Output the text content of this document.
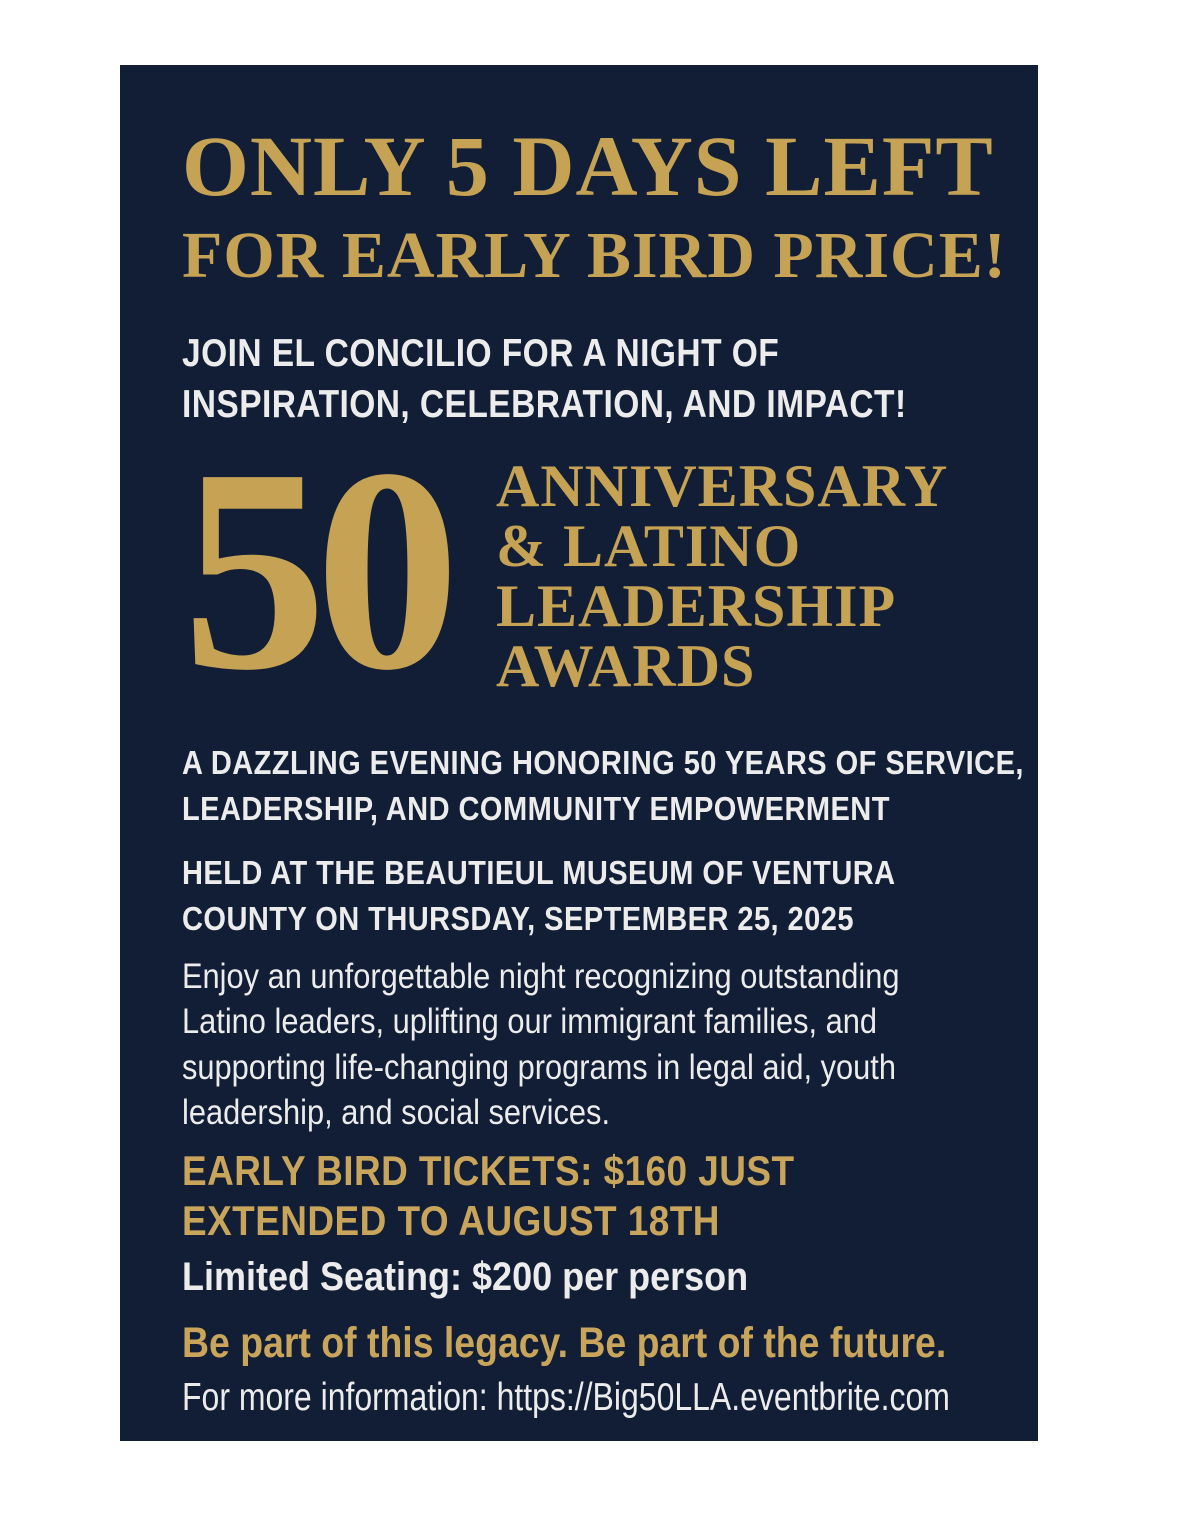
ONLY 5 DAYS LEFT
FOR EARLY BIRD PRICE!
JOIN EL CONCILIO FOR A NIGHT OF
INSPIRATION, CELEBRATION, AND IMPACT!
50 ANNIVERSARY
& LATINO
LEADERSHIP
AWARDS
A DAZZLING EVENING HONORING 50 YEARS OF SERVICE,
LEADERSHIP, AND COMMUNITY EMPOWERMENT
HELD AT THE BEAUTIEUL MUSEUM OF VENTURA
COUNTY ON THURSDAY, SEPTEMBER 25, 2025
Enjoy an unforgettable night recognizing outstanding
Latino leaders, uplifting our immigrant families, and
supporting life-changing programs in legal aid, youth
leadership, and social services.
EARLY BIRD TICKETS: $160 JUST
EXTENDED TO AUGUST 18TH
Limited Seating: $200 per person
Be part of this legacy. Be part of the future.
For more information: https://Big50LLA.eventbrite.com
